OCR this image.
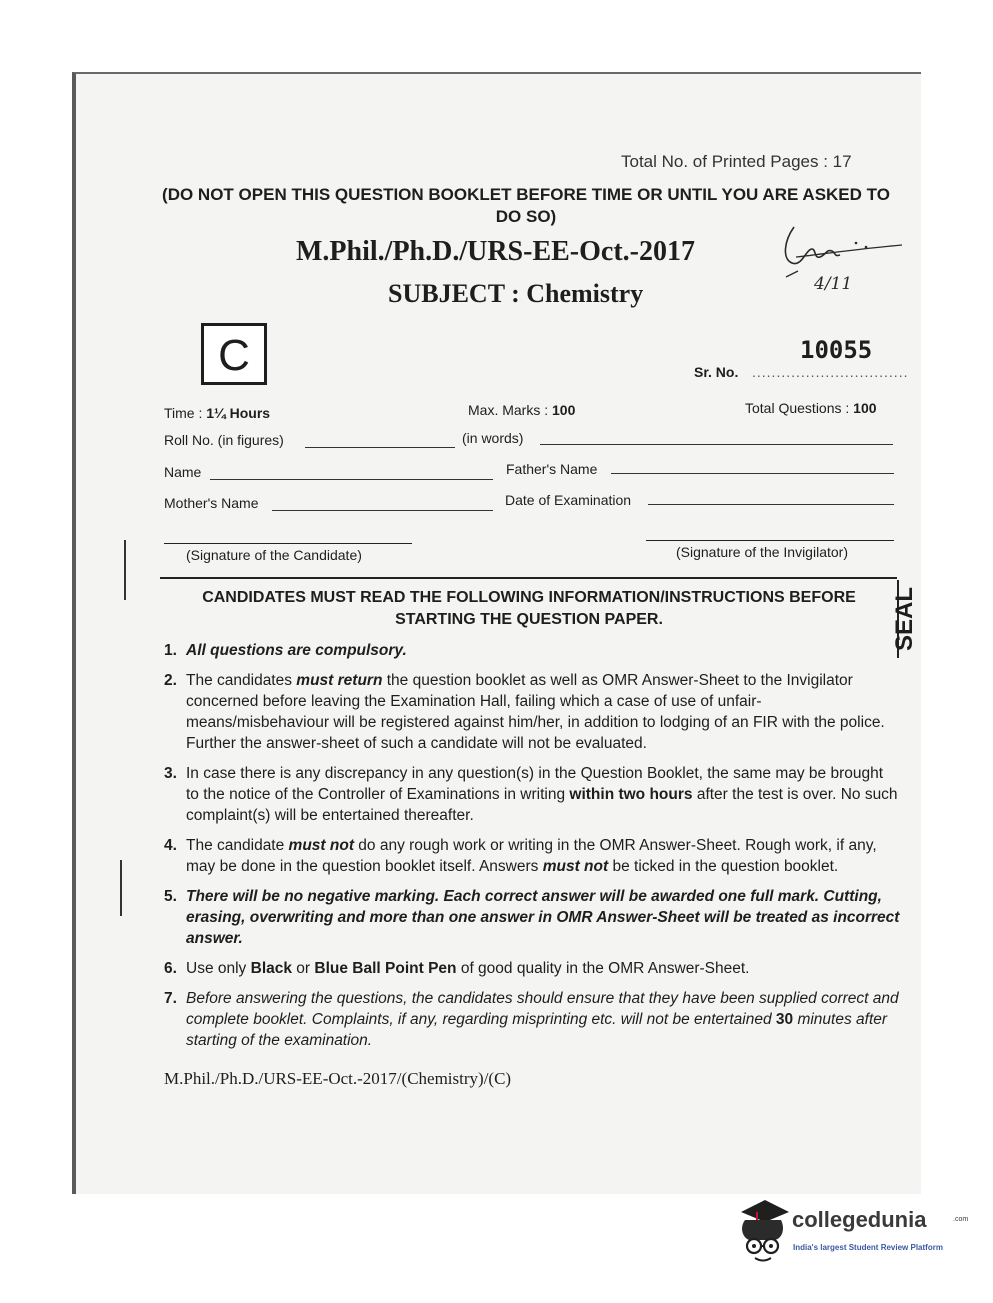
Total No. of Printed Pages : 17
(DO NOT OPEN THIS QUESTION BOOKLET BEFORE TIME OR UNTIL YOU ARE ASKED TO DO SO)
M.Phil./Ph.D./URS-EE-Oct.-2017
SUBJECT : Chemistry	4/11
C	10055
Sr. No. ................................
Time : 1¼ Hours	Max. Marks : 100	Total Questions : 100
Roll No. (in figures)	(in words)
Name	Father's Name
Mother's Name	Date of Examination
(Signature of the Candidate)	(Signature of the Invigilator)
CANDIDATES MUST READ THE FOLLOWING INFORMATION/INSTRUCTIONS BEFORE STARTING THE QUESTION PAPER.	SEAL
1. All questions are compulsory.
2. The candidates must return the question booklet as well as OMR Answer-Sheet to the Invigilator concerned before leaving the Examination Hall, failing which a case of use of unfair-means/misbehaviour will be registered against him/her, in addition to lodging of an FIR with the police. Further the answer-sheet of such a candidate will not be evaluated.
3. In case there is any discrepancy in any question(s) in the Question Booklet, the same may be brought to the notice of the Controller of Examinations in writing within two hours after the test is over. No such complaint(s) will be entertained thereafter.
4. The candidate must not do any rough work or writing in the OMR Answer-Sheet. Rough work, if any, may be done in the question booklet itself. Answers must not be ticked in the question booklet.
5. There will be no negative marking. Each correct answer will be awarded one full mark. Cutting, erasing, overwriting and more than one answer in OMR Answer-Sheet will be treated as incorrect answer.
6. Use only Black or Blue Ball Point Pen of good quality in the OMR Answer-Sheet.
7. Before answering the questions, the candidates should ensure that they have been supplied correct and complete booklet. Complaints, if any, regarding misprinting etc. will not be entertained 30 minutes after starting of the examination.
M.Phil./Ph.D./URS-EE-Oct.-2017/(Chemistry)/(C)
collegedunia	.com
India's largest Student Review Platform
